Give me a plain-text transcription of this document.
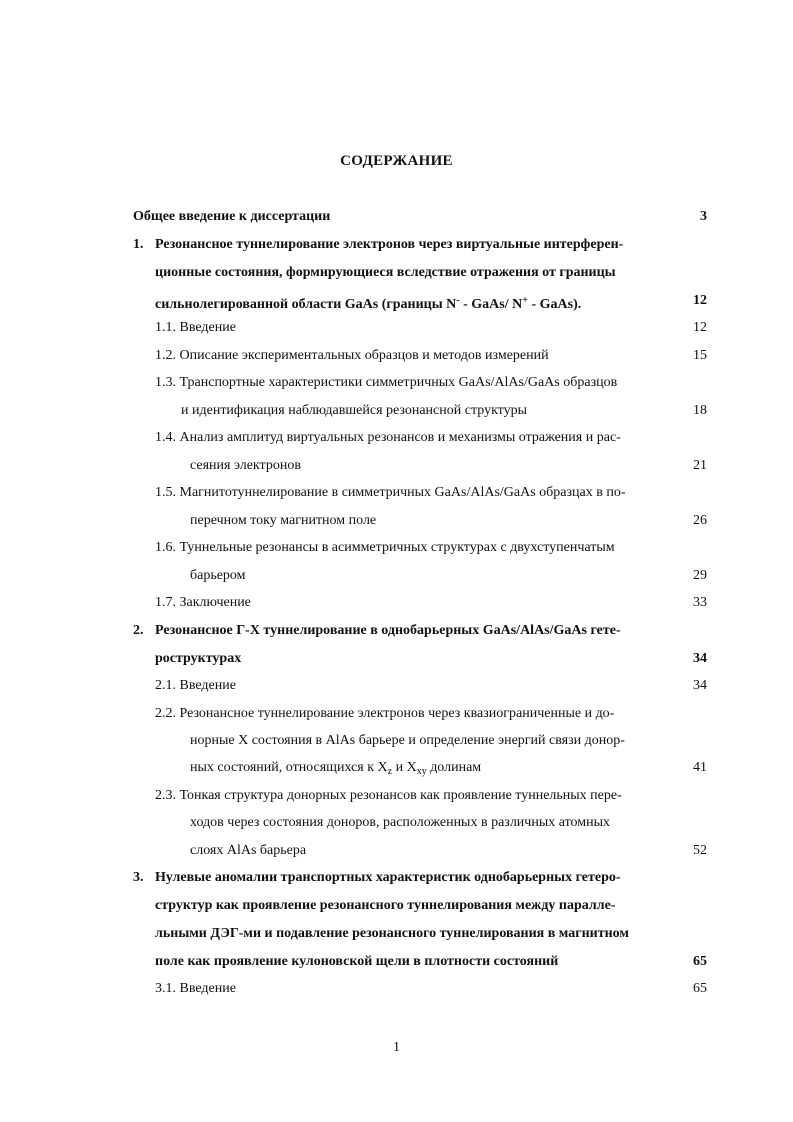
СОДЕРЖАНИЕ
Общее введение к диссертации	3
1. Резонансное туннелирование электронов через виртуальные интерферен-
ционные состояния, формирующиеся вследствие отражения от границы
сильнолегированной области GaAs (границы N- - GaAs/ N+ - GaAs).	12
1.1. Введение	12
1.2. Описание экспериментальных образцов и методов измерений	15
1.3. Транспортные характеристики симметричных GaAs/AlAs/GaAs образцов
и идентификация наблюдавшейся резонансной структуры	18
1.4. Анализ амплитуд виртуальных резонансов и механизмы отражения и рас-
сеяния электронов	21
1.5. Магнитотуннелирование в симметричных GaAs/AlAs/GaAs образцах в по-
перечном току магнитном поле	26
1.6. Туннельные резонансы в асимметричных структурах с двухступенчатым
барьером	29
1.7. Заключение	33
2. Резонансное Г-X туннелирование в однобарьерных GaAs/AlAs/GaAs гете-
роструктурах	34
2.1. Введение	34
2.2. Резонансное туннелирование электронов через квазиограниченные и до-
норные X состояния в AlAs барьере и определение энергий связи донор-
ных состояний, относящихся к $X_z$ и $X_{xy}$ долинам	41
2.3. Тонкая структура донорных резонансов как проявление туннельных пере-
ходов через состояния доноров, расположенных в различных атомных
слоях AlAs барьера	52
3. Нулевые аномалии транспортных характеристик однобарьерных гетеро-
структур как проявление резонансного туннелирования между паралле-
льными ДЭГ-ми и подавление резонансного туннелирования в магнитном
поле как проявление кулоновской щели в плотности состояний	65
3.1. Введение	65
1
